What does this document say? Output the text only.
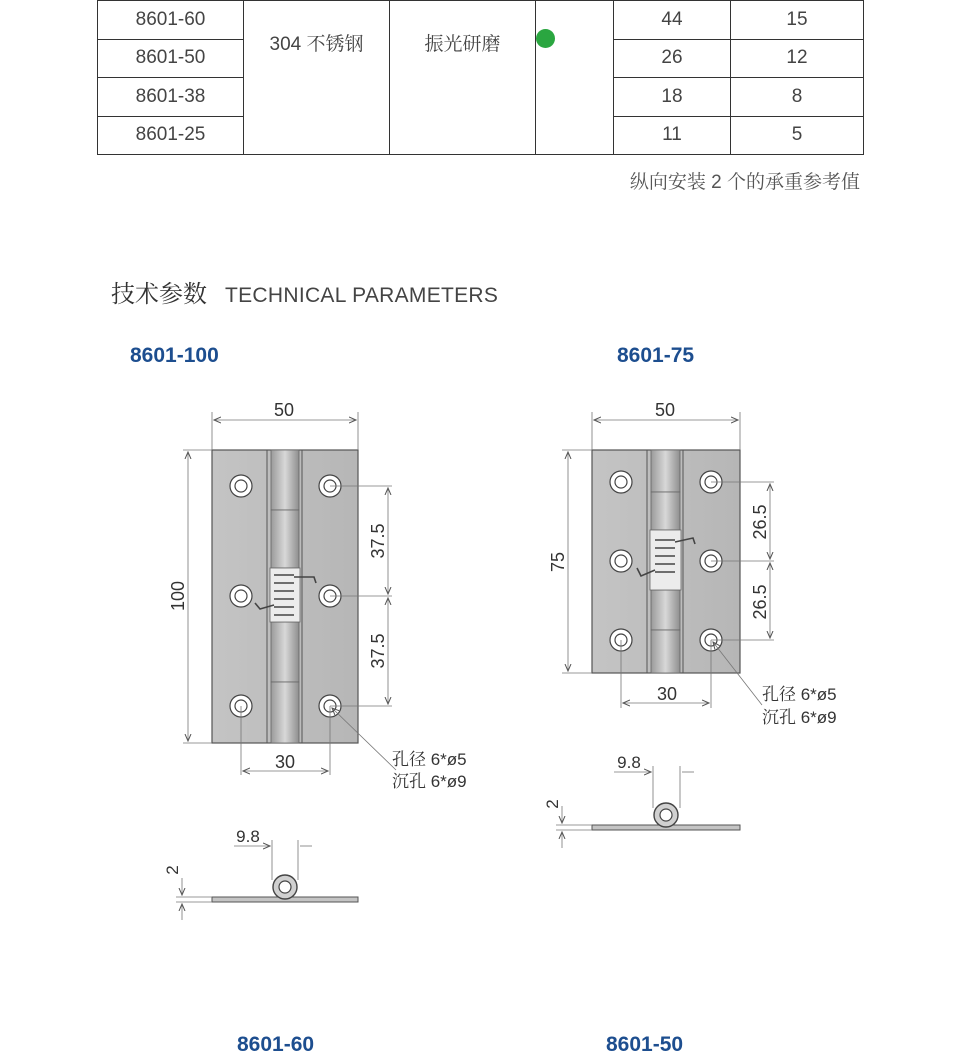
8601-60	304 不锈钢	振光研磨		44	15
8601-50				26	12
8601-38				18	8
8601-25				11	5
纵向安装 2 个的承重参考值
技术参数 TECHNICAL PARAMETERS
8601-100	8601-75
8601-60	8601-50
50
100
37.5
37.5
30	孔径 6*ø5
沉孔 6*ø9
9.8
2
50
75
26.5
26.5
30	孔径 6*ø5
沉孔 6*ø9
9.8
2
